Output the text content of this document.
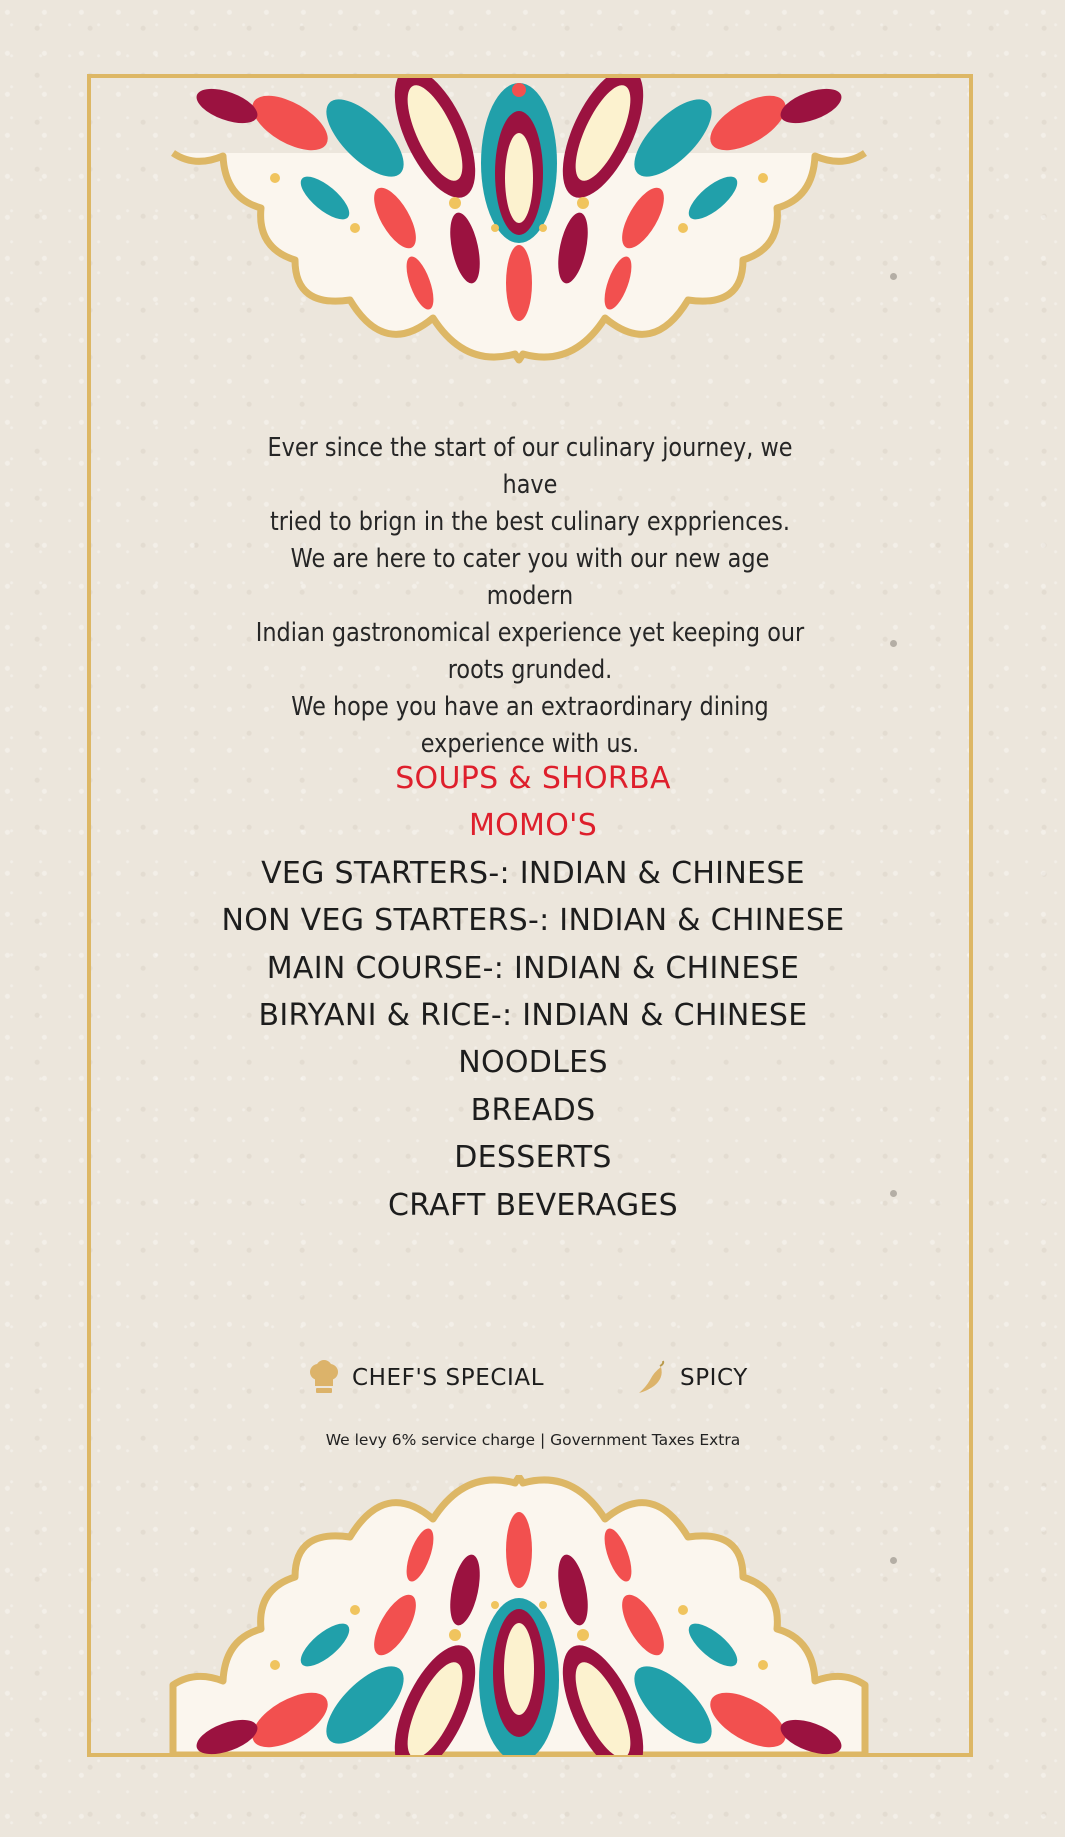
Ever since the start of our culinary journey, we have

tried to brign in the best culinary exppriences.

We are here to cater you with our new age modern

Indian gastronomical experience yet keeping our

roots grunded.

We hope you have an extraordinary dining

experience with us.

SOUPS & SHORBA
MOMO'S
VEG STARTERS-: INDIAN & CHINESE
NON VEG STARTERS-: INDIAN & CHINESE
MAIN COURSE-: INDIAN & CHINESE
BIRYANI & RICE-: INDIAN & CHINESE
NOODLES
BREADS
DESSERTS
CRAFT BEVERAGES
CHEF'S SPECIAL	SPICY
We levy 6% service charge | Government Taxes Extra
